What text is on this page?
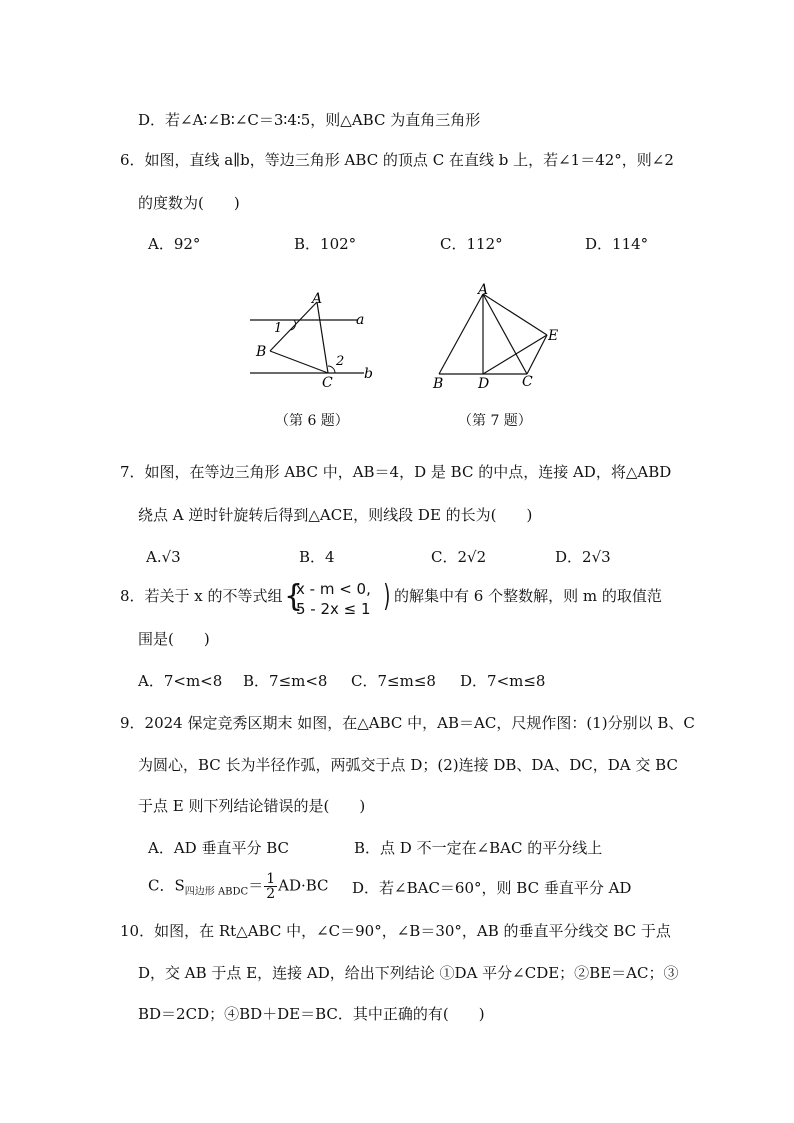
D．若∠A∶∠B∶∠C＝3∶4∶5，则△ABC 为直角三角形
6．如图，直线 a∥b，等边三角形 ABC 的顶点 C 在直线 b 上，若∠1＝42°，则∠2
的度数为(　　)
A．92°	B．102°	C．112°	D．114°
A
B
C
a
b
1
2
（第 6 题）
A
B	C
D
E
（第 7 题）
7．如图，在等边三角形 ABC 中，AB＝4，D 是 BC 的中点，连接 AD，将△ABD
绕点 A 逆时针旋转后得到△ACE，则线段 DE 的长为(　　)
A.√3	B．4	C．2√2	D．2√3
8．若关于 x 的不等式组 {
x - m < 0,
5 - 2x ≤ 1 ) 的解集中有 6 个整数解，则 m 的取值范
围是(　　)
A．7<m<8 B．7≤m<8 C．7≤m≤8 D．7<m≤8
9．2024 保定竞秀区期末 如图，在△ABC 中，AB＝AC，尺规作图：(1)分别以 B、C
为圆心，BC 长为半径作弧，两弧交于点 D；(2)连接 DB、DA、DC，DA 交 BC
于点 E 则下列结论错误的是(　　)
A．AD 垂直平分 BC	B．点 D 不一定在∠BAC 的平分线上
C．$S_{四边形 ABDC}= \frac{1}{2} AD\cdot BC$ D．若∠BAC＝60°，则 BC 垂直平分 AD
10．如图，在 Rt△ABC 中，∠C＝90°，∠B＝30°，AB 的垂直平分线交 BC 于点
D，交 AB 于点 E，连接 AD，给出下列结论 ①DA 平分∠CDE；②BE＝AC；③
BD＝2CD；④BD＋DE＝BC．其中正确的有(　　)
